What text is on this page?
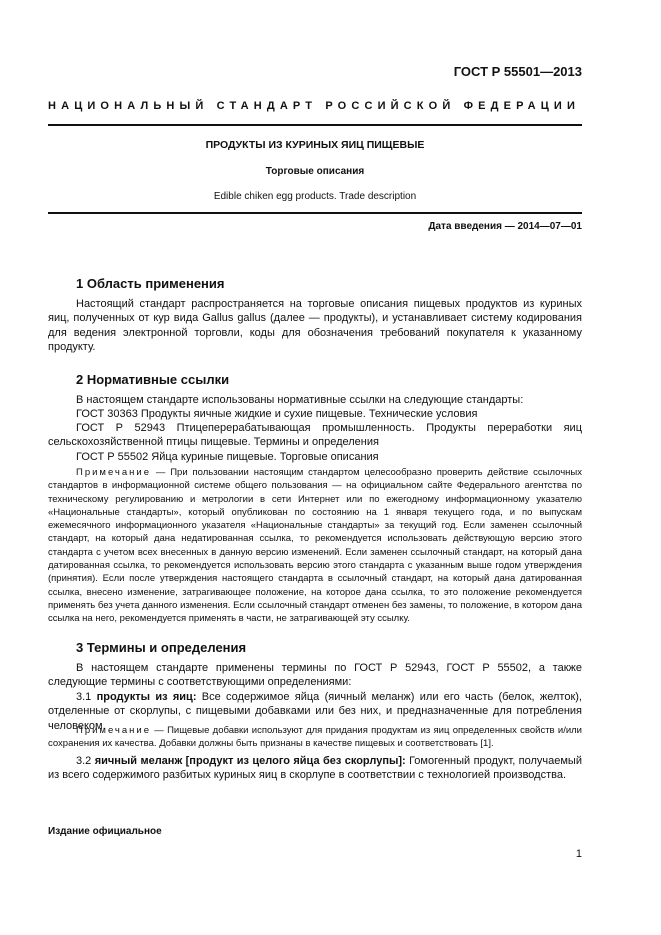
ГОСТ Р 55501—2013
НАЦИОНАЛЬНЫЙ СТАНДАРТ РОССИЙСКОЙ ФЕДЕРАЦИИ
ПРОДУКТЫ ИЗ КУРИНЫХ ЯИЦ ПИЩЕВЫЕ
Торговые описания
Edible chiken egg products. Trade description
Дата введения — 2014—07—01
1 Область применения

Настоящий стандарт распространяется на торговые описания пищевых продуктов из куриных яиц, полученных от кур вида Gallus gallus (далее — продукты), и устанавливает систему кодирования для ведения электронной торговли, коды для обозначения требований покупателя к указанному продукту.

2 Нормативные ссылки
В настоящем стандарте использованы нормативные ссылки на следующие стандарты:
ГОСТ 30363 Продукты яичные жидкие и сухие пищевые. Технические условия

ГОСТ Р 52943 Птицеперерабатывающая промышленность. Продукты переработки яиц сельскохозяйственной птицы пищевые. Термины и определения

ГОСТ Р 55502 Яйца куриные пищевые. Торговые описания

Примечание — При пользовании настоящим стандартом целесообразно проверить действие ссылочных стандартов в информационной системе общего пользования — на официальном сайте Федерального агентства по техническому регулированию и метрологии в сети Интернет или по ежегодному информационному указателю «Национальные стандарты», который опубликован по состоянию на 1 января текущего года, и по выпускам ежемесячного информационного указателя «Национальные стандарты» за текущий год. Если заменен ссылочный стандарт, на который дана недатированная ссылка, то рекомендуется использовать действующую версию этого стандарта с учетом всех внесенных в данную версию изменений. Если заменен ссылочный стандарт, на который дана датированная ссылка, то рекомендуется использовать версию этого стандарта с указанным выше годом утверждения (принятия). Если после утверждения настоящего стандарта в ссылочный стандарт, на который дана датированная ссылка, внесено изменение, затрагивающее положение, на которое дана ссылка, то это положение рекомендуется применять без учета данного изменения. Если ссылочный стандарт отменен без замены, то положение, в котором дана ссылка на него, рекомендуется применять в части, не затрагивающей эту ссылку.

3 Термины и определения

В настоящем стандарте применены термины по ГОСТ Р 52943, ГОСТ Р 55502, а также следующие термины с соответствующими определениями:

3.1 продукты из яиц: Все содержимое яйца (яичный меланж) или его часть (белок, желток), отделенные от скорлупы, с пищевыми добавками или без них, и предназначенные для потребления человеком.

Примечание — Пищевые добавки используют для придания продуктам из яиц определенных свойств и/или сохранения их качества. Добавки должны быть признаны в качестве пищевых и соответствовать [1].

3.2 яичный меланж [продукт из целого яйца без скорлупы]: Гомогенный продукт, получаемый из всего содержимого разбитых куриных яиц в скорлупе в соответствии с технологией производства.

Издание официальное
1
